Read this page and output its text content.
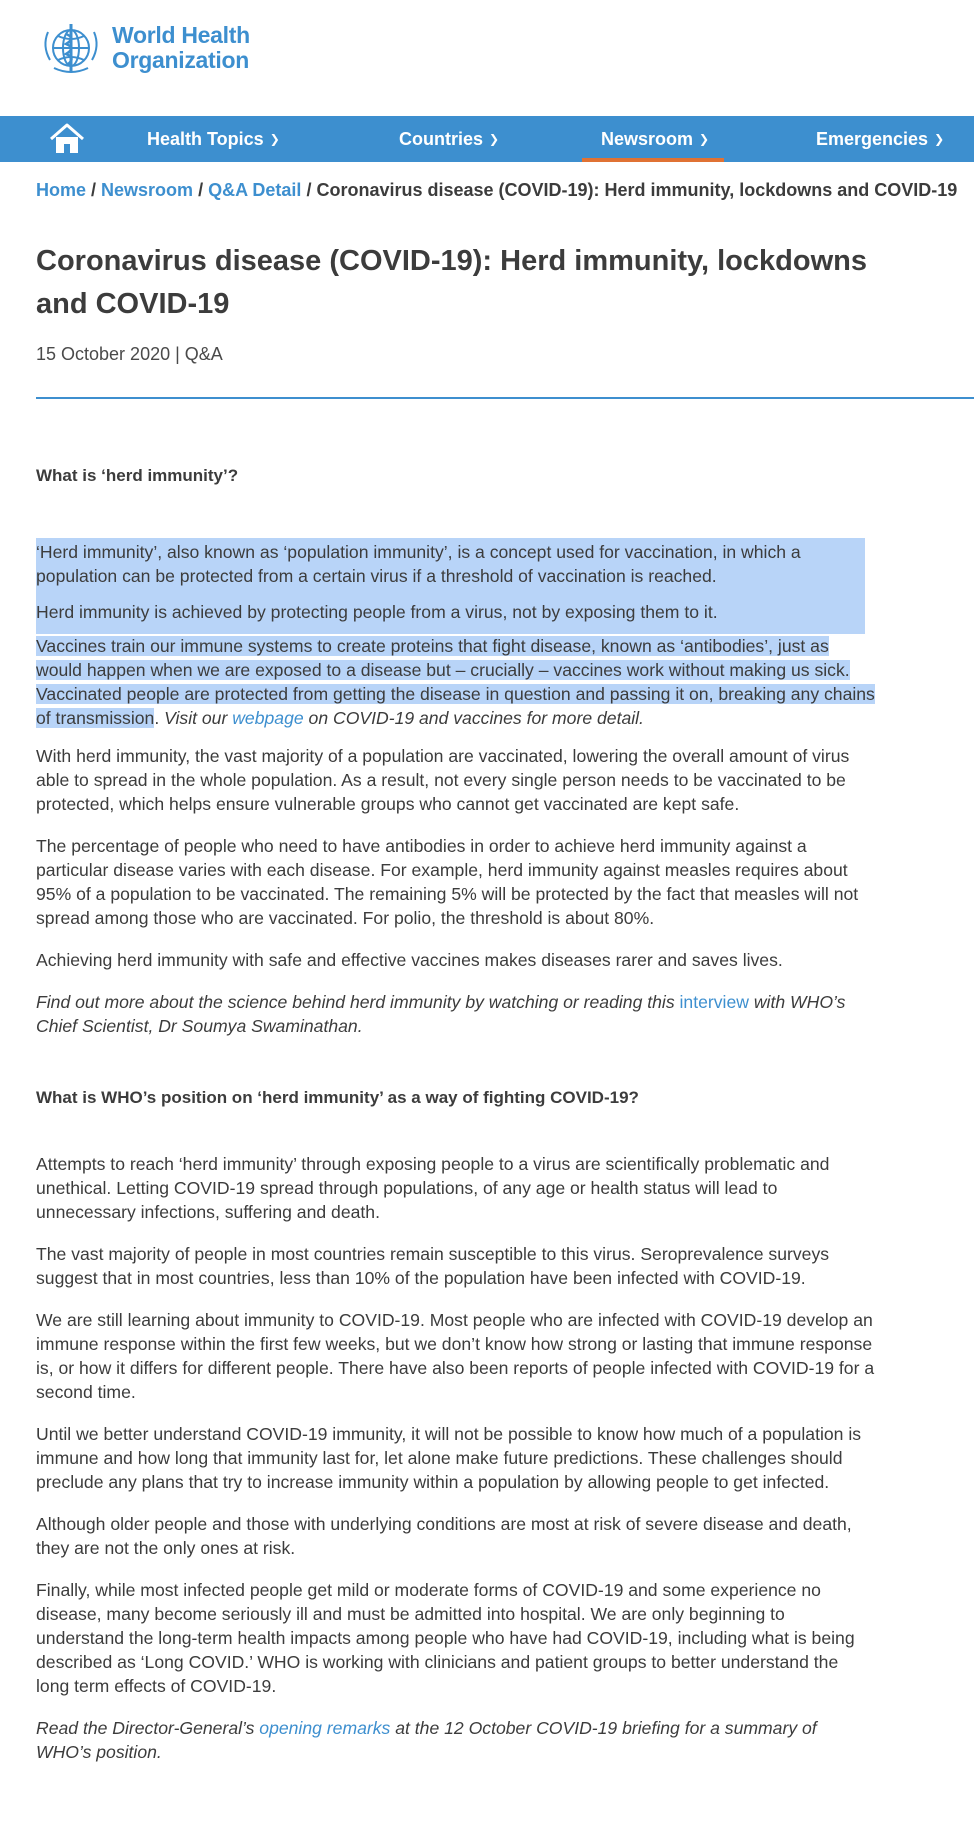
World Health
Organization
Health Topics ❯	Countries ❯	Newsroom ❯	Emergencies ❯
Home / Newsroom / Q&A Detail / Coronavirus disease (COVID-19): Herd immunity, lockdowns and COVID-19
Coronavirus disease (COVID-19): Herd immunity, lockdowns and COVID-19
15 October 2020 | Q&A
What is ‘herd immunity’?

‘Herd immunity’, also known as ‘population immunity’, is a concept used for vaccination, in which a population can be protected from a certain virus if a threshold of vaccination is reached.

Herd immunity is achieved by protecting people from a virus, not by exposing them to it.

Vaccines train our immune systems to create proteins that fight disease, known as ‘antibodies’, just as would happen when we are exposed to a disease but – crucially – vaccines work without making us sick. Vaccinated people are protected from getting the disease in question and passing it on, breaking any chains of transmission. Visit our webpage on COVID-19 and vaccines for more detail.

With herd immunity, the vast majority of a population are vaccinated, lowering the overall amount of virus able to spread in the whole population. As a result, not every single person needs to be vaccinated to be protected, which helps ensure vulnerable groups who cannot get vaccinated are kept safe.

The percentage of people who need to have antibodies in order to achieve herd immunity against a particular disease varies with each disease. For example, herd immunity against measles requires about 95% of a population to be vaccinated. The remaining 5% will be protected by the fact that measles will not spread among those who are vaccinated. For polio, the threshold is about 80%.

Achieving herd immunity with safe and effective vaccines makes diseases rarer and saves lives.

Find out more about the science behind herd immunity by watching or reading this interview with WHO’s Chief Scientist, Dr Soumya Swaminathan.

What is WHO’s position on ‘herd immunity’ as a way of fighting COVID-19?

Attempts to reach ‘herd immunity’ through exposing people to a virus are scientifically problematic and unethical. Letting COVID-19 spread through populations, of any age or health status will lead to unnecessary infections, suffering and death.

The vast majority of people in most countries remain susceptible to this virus. Seroprevalence surveys suggest that in most countries, less than 10% of the population have been infected with COVID-19.

We are still learning about immunity to COVID-19. Most people who are infected with COVID-19 develop an immune response within the first few weeks, but we don’t know how strong or lasting that immune response is, or how it differs for different people. There have also been reports of people infected with COVID-19 for a second time.

Until we better understand COVID-19 immunity, it will not be possible to know how much of a population is immune and how long that immunity last for, let alone make future predictions. These challenges should preclude any plans that try to increase immunity within a population by allowing people to get infected.

Although older people and those with underlying conditions are most at risk of severe disease and death, they are not the only ones at risk.

Finally, while most infected people get mild or moderate forms of COVID-19 and some experience no disease, many become seriously ill and must be admitted into hospital. We are only beginning to understand the long-term health impacts among people who have had COVID-19, including what is being described as ‘Long COVID.’ WHO is working with clinicians and patient groups to better understand the long term effects of COVID-19.

Read the Director-General’s opening remarks at the 12 October COVID-19 briefing for a summary of WHO’s position.
